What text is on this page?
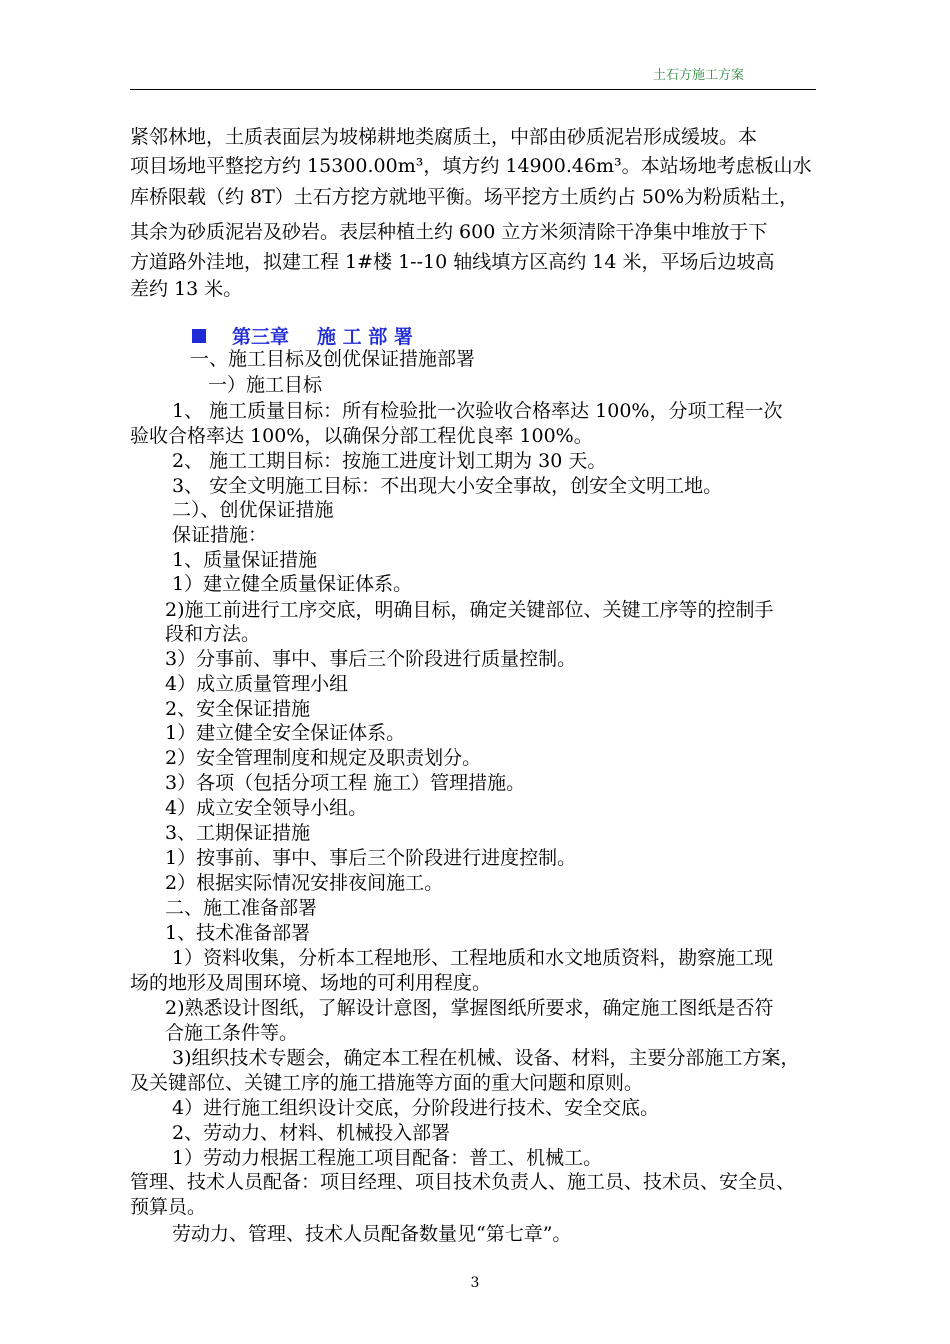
土石方施工方案
紧邻林地，土质表面层为坡梯耕地类腐质土，中部由砂质泥岩形成缓坡。本
项目场地平整挖方约 15300.00m³，填方约 14900.46m³。本站场地考虑板山水
库桥限载（约 8T）土石方挖方就地平衡。场平挖方土质约占 50%为粉质粘土，
其余为砂质泥岩及砂岩。表层种植土约 600 立方米须清除干净集中堆放于下
方道路外洼地，拟建工程 1#楼 1--10 轴线填方区高约 14 米，平场后边坡高
差约 13 米。
第三章 施 工 部 署
一、施工目标及创优保证措施部署
一）施工目标
1、 施工质量目标：所有检验批一次验收合格率达 100%，分项工程一次
验收合格率达 100%，以确保分部工程优良率 100%。
2、 施工工期目标：按施工进度计划工期为 30 天。
3、 安全文明施工目标：不出现大小安全事故，创安全文明工地。
二）、创优保证措施
保证措施：
1、质量保证措施
1）建立健全质量保证体系。
2)施工前进行工序交底，明确目标，确定关键部位、关键工序等的控制手
段和方法。
3）分事前、事中、事后三个阶段进行质量控制。
4）成立质量管理小组
2、安全保证措施
1）建立健全安全保证体系。
2）安全管理制度和规定及职责划分。
3）各项（包括分项工程 施工）管理措施。
4）成立安全领导小组。
3、工期保证措施
1）按事前、事中、事后三个阶段进行进度控制。
2）根据实际情况安排夜间施工。
二、施工准备部署
1、技术准备部署
1）资料收集，分析本工程地形、工程地质和水文地质资料，勘察施工现
场的地形及周围环境、场地的可利用程度。
2)熟悉设计图纸，了解设计意图，掌握图纸所要求，确定施工图纸是否符
合施工条件等。
3)组织技术专题会，确定本工程在机械、设备、材料，主要分部施工方案，
及关键部位、关键工序的施工措施等方面的重大问题和原则。
4）进行施工组织设计交底，分阶段进行技术、安全交底。
2、劳动力、材料、机械投入部署
1）劳动力根据工程施工项目配备：普工、机械工。
管理、技术人员配备：项目经理、项目技术负责人、施工员、技术员、安全员、
预算员。
劳动力、管理、技术人员配备数量见“第七章”。
3
